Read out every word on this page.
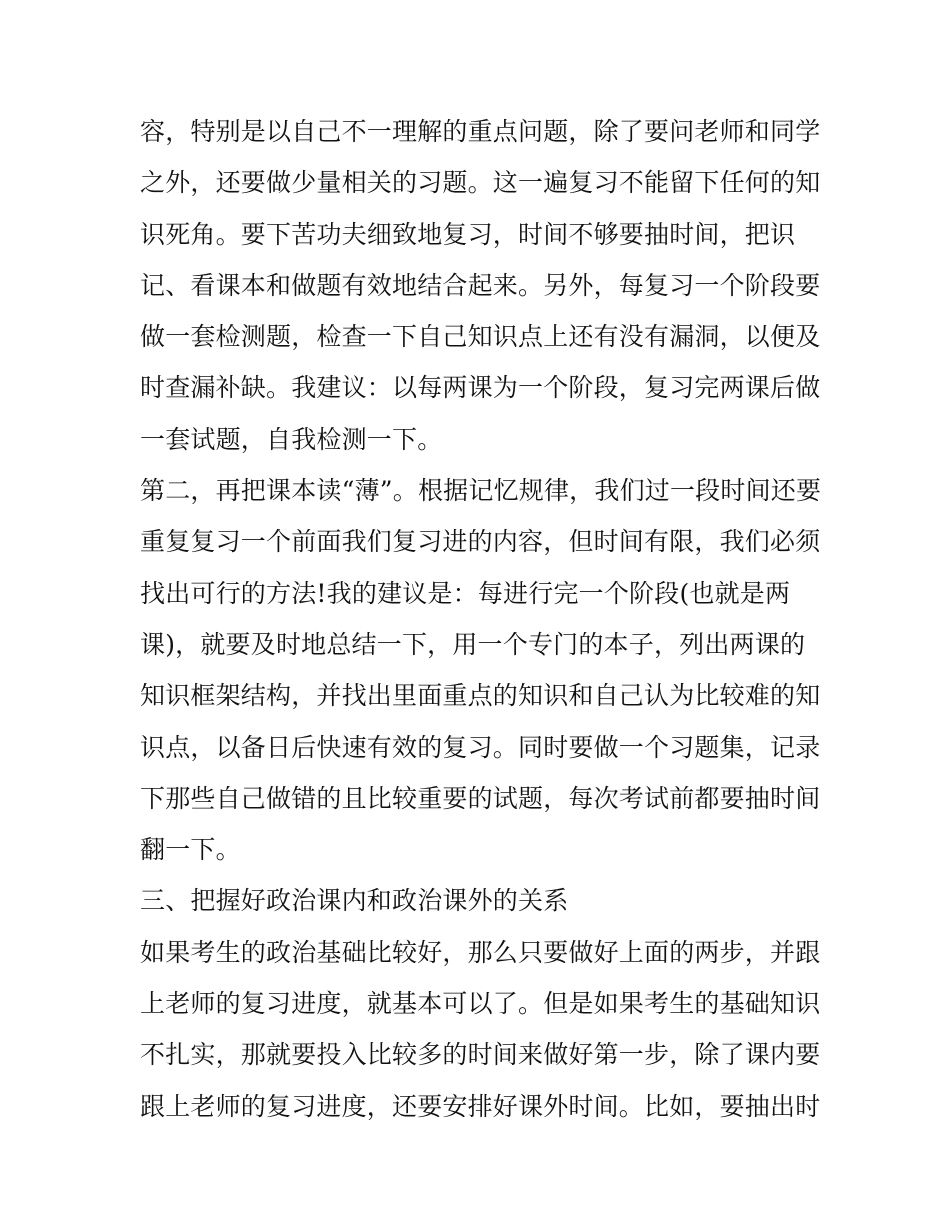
容，特别是以自己不一理解的重点问题，除了要问老师和同学
之外，还要做少量相关的习题。这一遍复习不能留下任何的知
识死角。要下苦功夫细致地复习，时间不够要抽时间，把识
记、看课本和做题有效地结合起来。另外，每复习一个阶段要
做一套检测题，检查一下自己知识点上还有没有漏洞，以便及
时查漏补缺。我建议：以每两课为一个阶段，复习完两课后做
一套试题，自我检测一下。
第二，再把课本读“薄”。根据记忆规律，我们过一段时间还要
重复复习一个前面我们复习进的内容，但时间有限，我们必须
找出可行的方法!我的建议是：每进行完一个阶段(也就是两
课)，就要及时地总结一下，用一个专门的本子，列出两课的
知识框架结构，并找出里面重点的知识和自己认为比较难的知
识点，以备日后快速有效的复习。同时要做一个习题集，记录
下那些自己做错的且比较重要的试题，每次考试前都要抽时间
翻一下。
三、把握好政治课内和政治课外的关系
如果考生的政治基础比较好，那么只要做好上面的两步，并跟
上老师的复习进度，就基本可以了。但是如果考生的基础知识
不扎实，那就要投入比较多的时间来做好第一步，除了课内要
跟上老师的复习进度，还要安排好课外时间。比如，要抽出时
